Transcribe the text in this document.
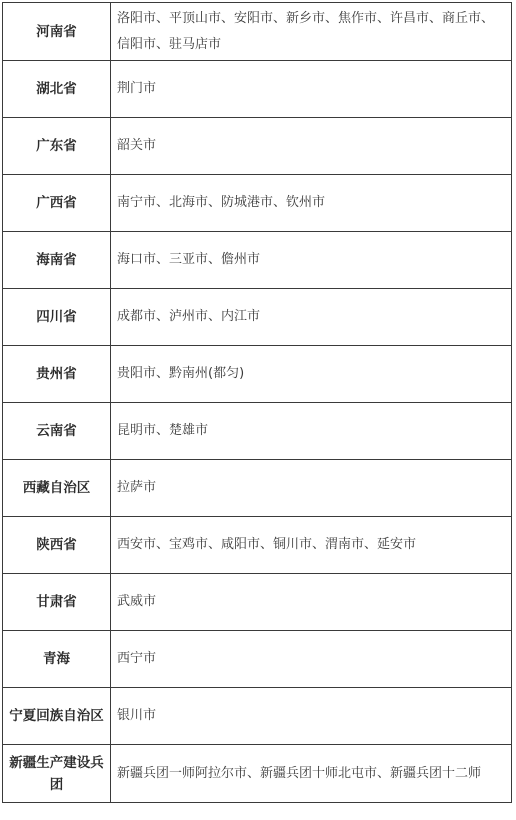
河南省	洛阳市、平顶山市、安阳市、新乡市、焦作市、许昌市、商丘市、信阳市、驻马店市
湖北省	荆门市
广东省	韶关市
广西省	南宁市、北海市、防城港市、钦州市
海南省	海口市、三亚市、儋州市
四川省	成都市、泸州市、内江市
贵州省	贵阳市、黔南州(都匀)
云南省	昆明市、楚雄市
西藏自治区	拉萨市
陕西省	西安市、宝鸡市、咸阳市、铜川市、渭南市、延安市
甘肃省	武威市
青海	西宁市
宁夏回族自治区	银川市
新疆生产建设兵团	新疆兵团一师阿拉尔市、新疆兵团十师北屯市、新疆兵团十二师
